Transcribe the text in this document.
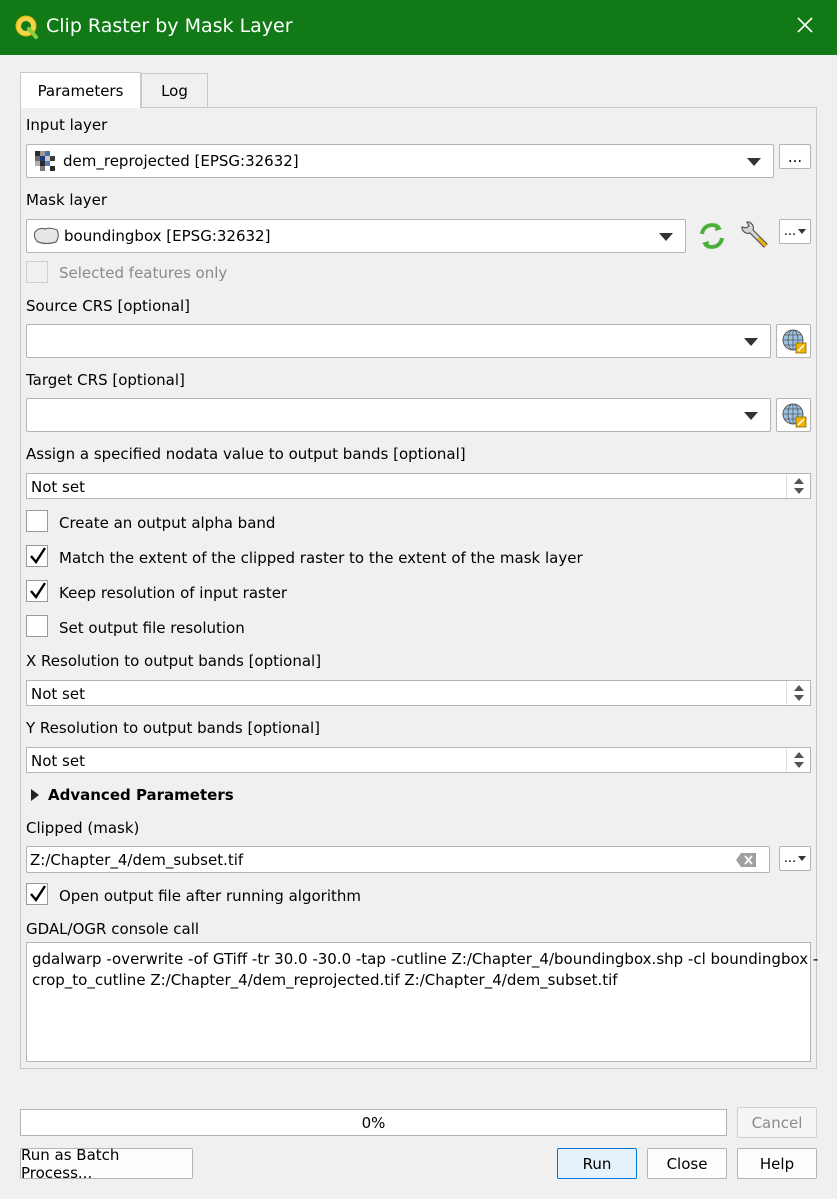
Clip Raster by Mask Layer
Parameters	Log
Input layer
dem_reprojected [EPSG:32632]	...
Mask layer
boundingbox [EPSG:32632]	...
Selected features only
Source CRS [optional]
Target CRS [optional]
Assign a specified nodata value to output bands [optional]
Not set
Create an output alpha band
Match the extent of the clipped raster to the extent of the mask layer
Keep resolution of input raster
Set output file resolution
X Resolution to output bands [optional]
Not set
Y Resolution to output bands [optional]
Not set
Advanced Parameters
Clipped (mask)
Z:/Chapter_4/dem_subset.tif	...
Open output file after running algorithm
GDAL/OGR console call
gdalwarp -overwrite -of GTiff -tr 30.0 -30.0 -tap -cutline Z:/Chapter_4/boundingbox.shp -cl boundingbox -
crop_to_cutline Z:/Chapter_4/dem_reprojected.tif Z:/Chapter_4/dem_subset.tif
0%	Cancel
Run as Batch Process...	Run	Close	Help
